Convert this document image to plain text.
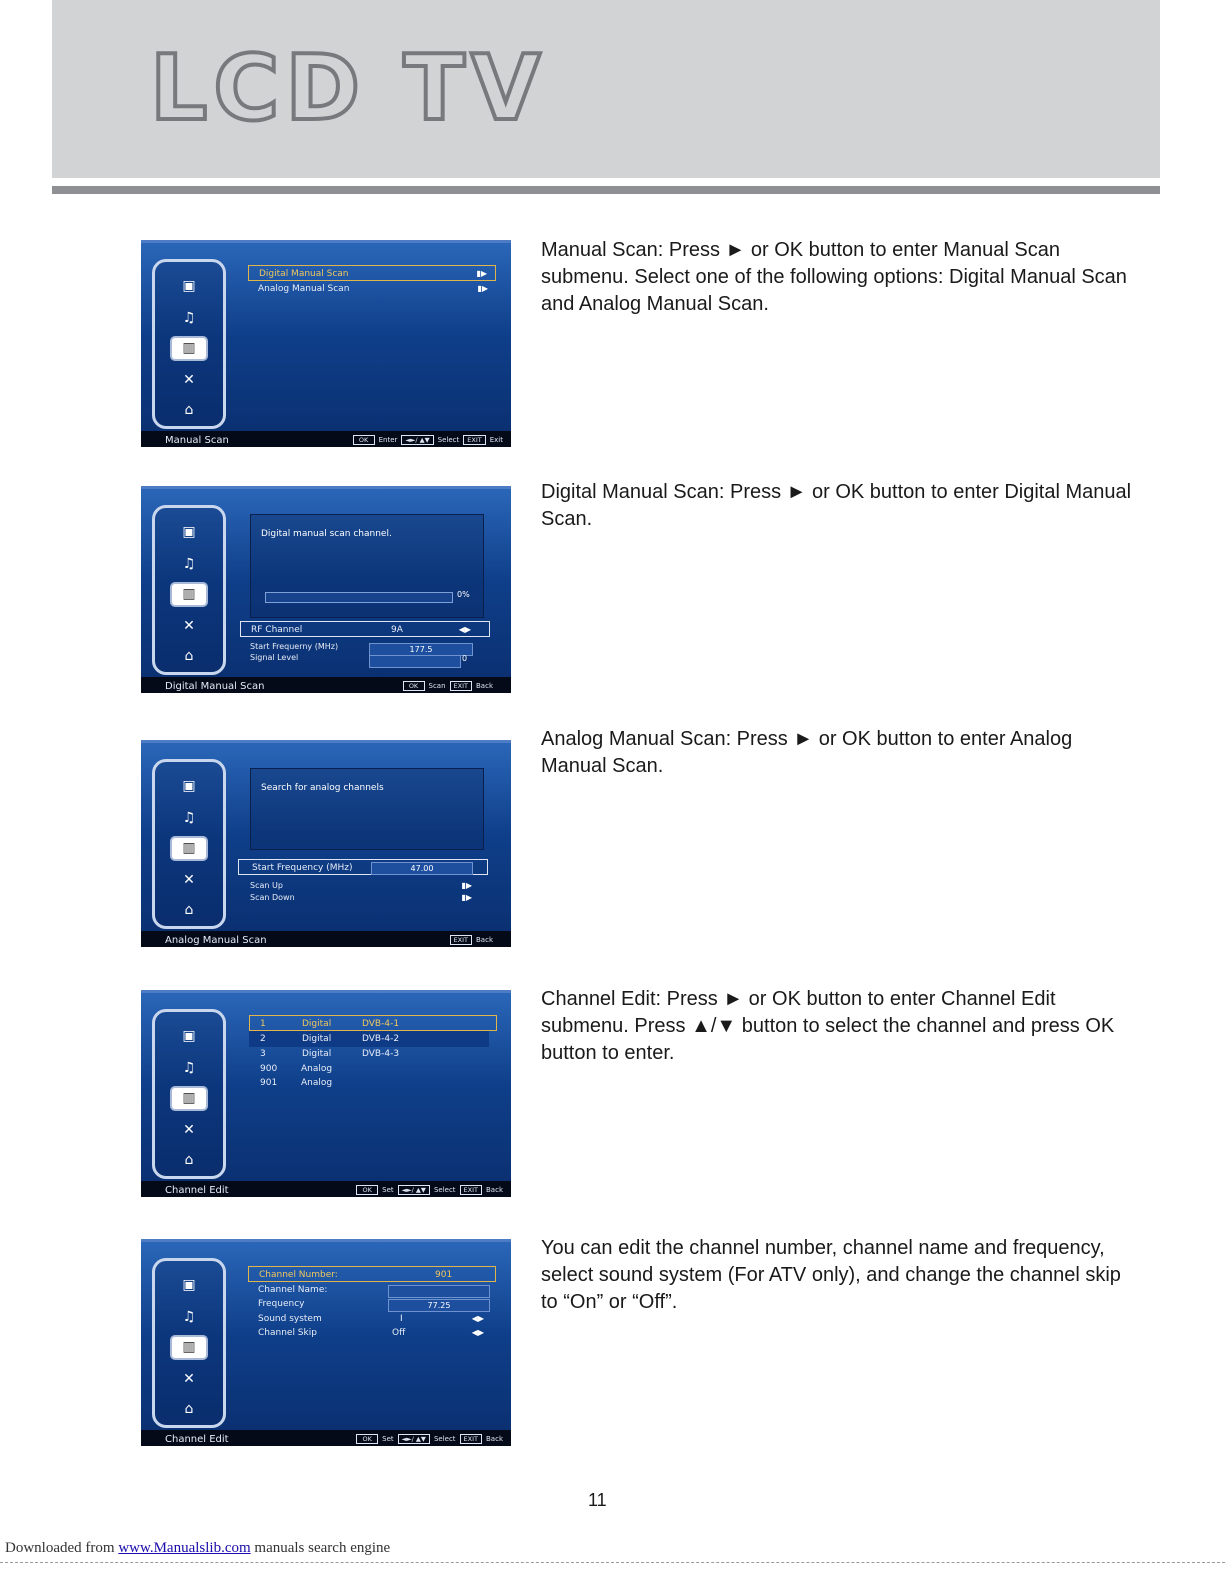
LCD TV
▣
♫
▥
✕
⌂
Digital Manual Scan	▮▶
Analog Manual Scan	▮▶
Manual Scan	OK	Enter	◄►/ ▲▼	Select	EXIT	Exit

Manual Scan: Press ► or OK button to enter Manual Scan submenu. Select one of the following options: Digital Manual Scan and Analog Manual Scan.

▣
♫
▥
✕
⌂
Digital manual scan channel.
0%
RF Channel	9A	◀▶
Start Frequerny (MHz)	177.5
Signal Level	0
Digital Manual Scan	OK	Scan	EXIT	Back

Digital Manual Scan: Press ► or OK button to enter Digital Manual Scan.

▣
♫
▥
✕
⌂
Search for analog channels
Start Frequency (MHz)	47.00
Scan Up	▮▶
Scan Down	▮▶
Analog Manual Scan	EXIT	Back

Analog Manual Scan: Press ► or OK button to enter Analog Manual Scan.

▣
♫
▥
✕
⌂
1	Digital	DVB-4-1
2	Digital	DVB-4-2
3	Digital	DVB-4-3
900	Analog
901	Analog
Channel Edit	OK	Set	◄►/ ▲▼	Select	EXIT	Back

Channel Edit: Press ► or OK button to enter Channel Edit submenu. Press ▲/▼ button to select the channel and press OK button to enter.

▣
♫
▥
✕
⌂
Channel Number:	901
Channel Name:
Frequency	77.25
Sound system	I	◀▶
Channel Skip	Off	◀▶
Channel Edit	OK	Set	◄►/ ▲▼	Select	EXIT	Back

You can edit the channel number, channel name and frequency, select sound system (For ATV only), and change the channel skip to “On” or “Off”.

11
Downloaded from www.Manualslib.com manuals search engine
